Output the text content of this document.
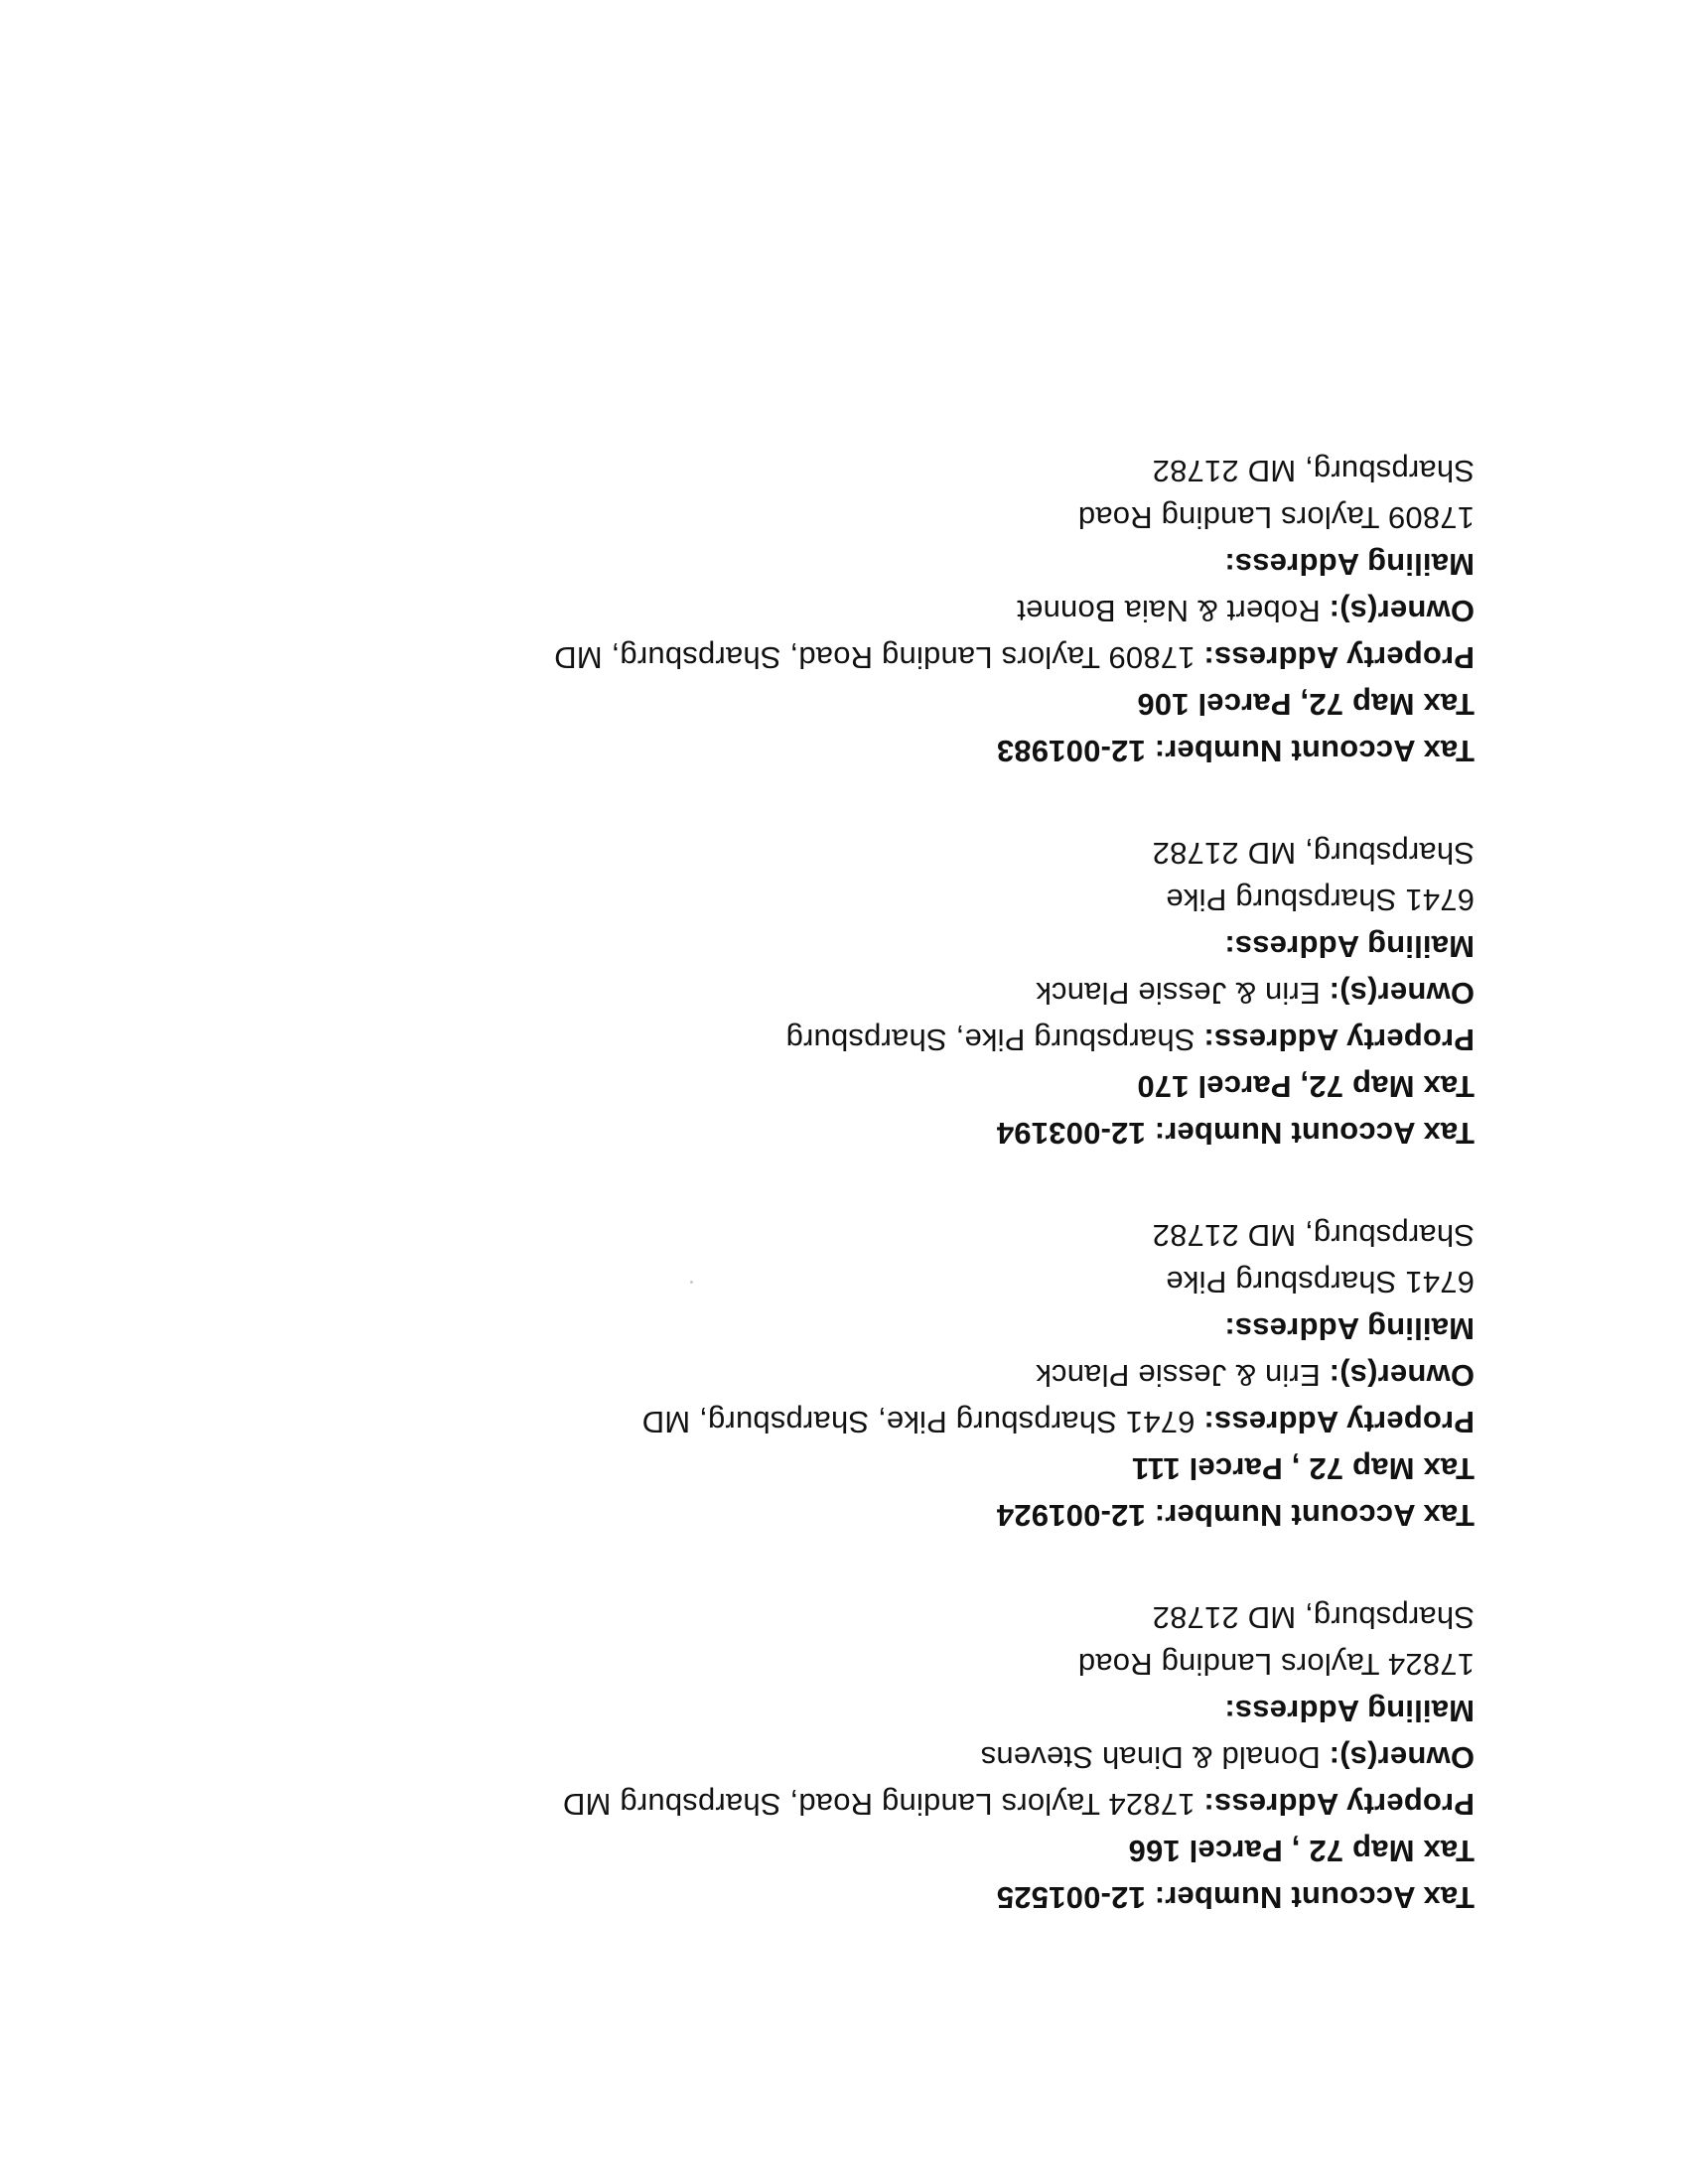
Tax Account Number: 12-001525
Tax Map 72 , Parcel 166
Property Address: 17824 Taylors Landing Road, Sharpsburg MD
Owner(s): Donald & Dinah Stevens
Mailing Address:
17824 Taylors Landing Road
Sharpsburg, MD 21782
Tax Account Number: 12-001924
Tax Map 72 , Parcel 111
Property Address: 6741 Sharpsburg Pike, Sharpsburg, MD
Owner(s): Erin & Jessie Planck
Mailing Address:
6741 Sharpsburg Pike
Sharpsburg, MD 21782
Tax Account Number: 12-003194
Tax Map 72, Parcel 170
Property Address: Sharpsburg Pike, Sharpsburg
Owner(s): Erin & Jessie Planck
Mailing Address:
6741 Sharpsburg Pike
Sharpsburg, MD 21782
Tax Account Number: 12-001983
Tax Map 72, Parcel 106
Property Address: 17809 Taylors Landing Road, Sharpsburg, MD
Owner(s): Robert & Naia Bonnet
Mailing Address:
17809 Taylors Landing Road
Sharpsburg, MD 21782
